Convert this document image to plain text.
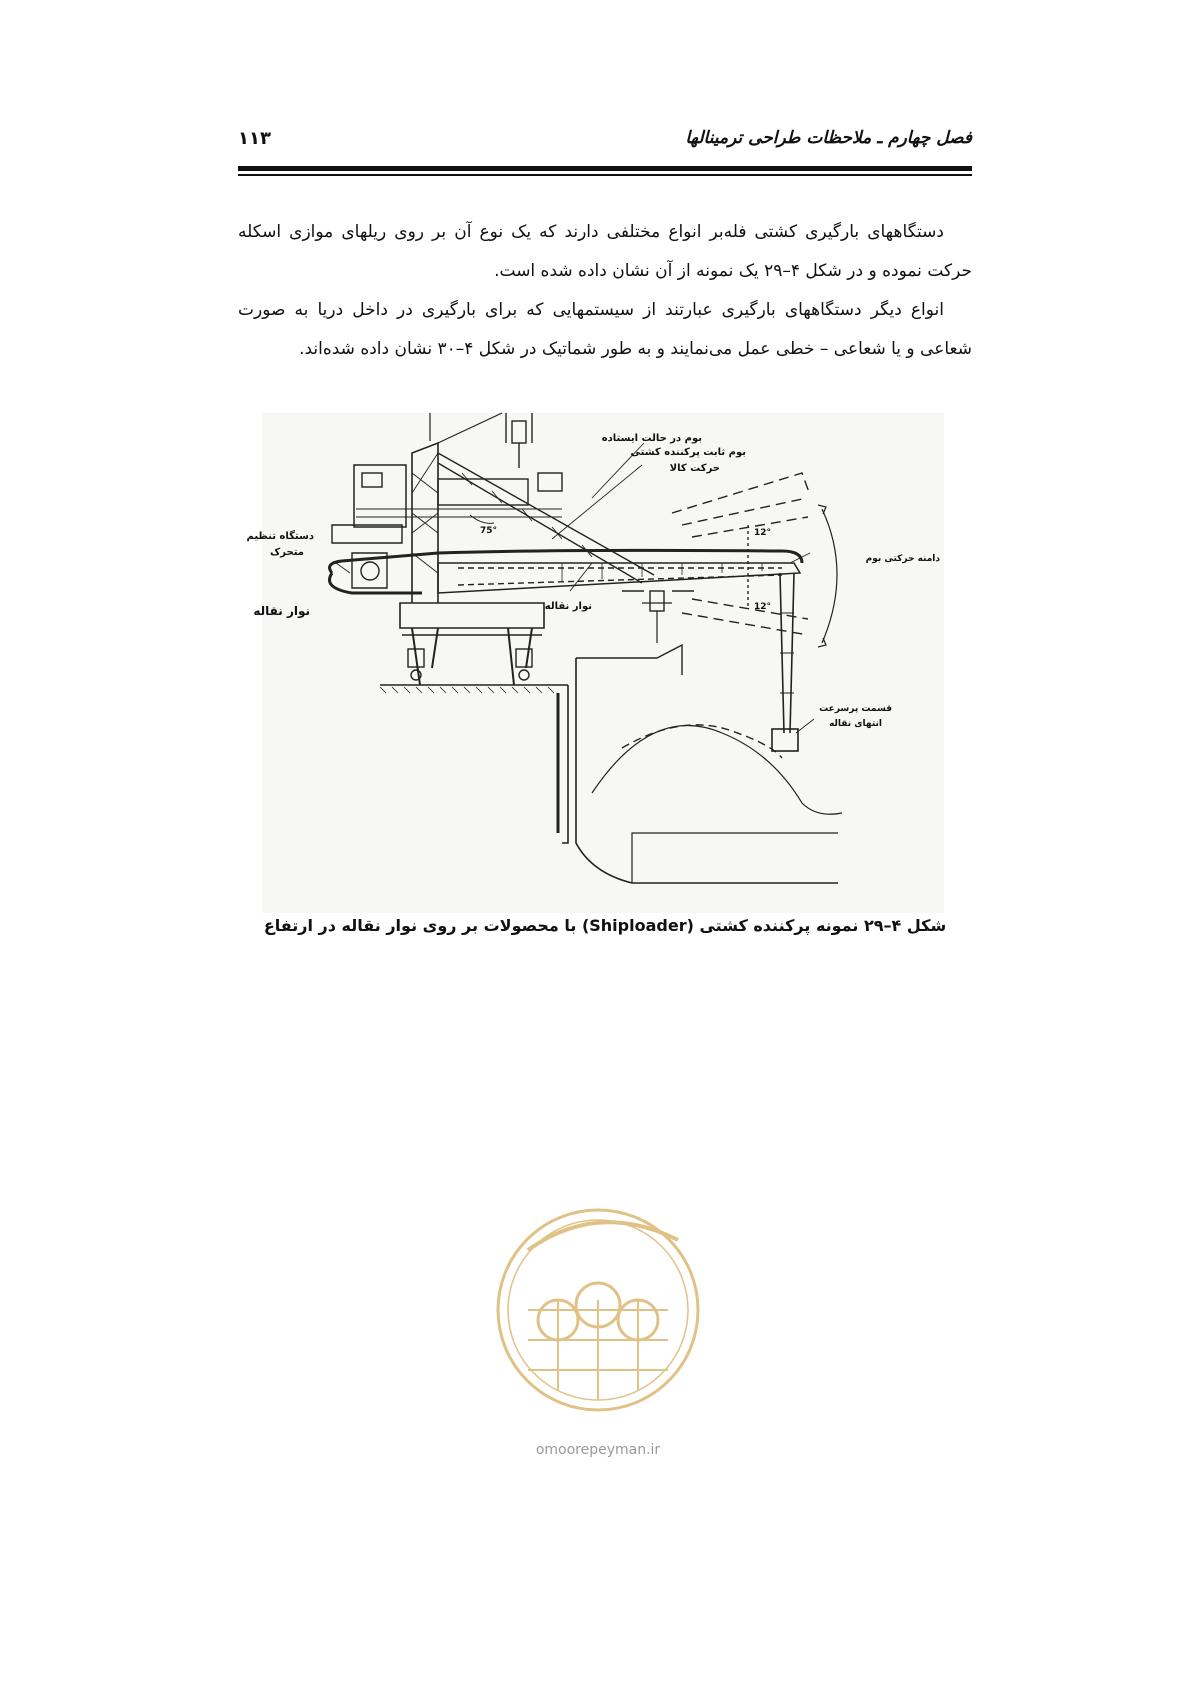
فصل چهارم ـ ملاحظات طراحی ترمینالها
۱۱۳

دستگاههای بارگیری کشتی فله‌بر انواع مختلفی دارند که یک نوع آن بر روی ریلهای موازی اسکله حرکت نموده و در شکل ۴–۲۹ یک نمونه از آن نشان داده شده است.

انواع دیگر دستگاههای بارگیری عبارتند از سیستمهایی که برای بارگیری در داخل دریا به صورت شعاعی و یا شعاعی – خطی عمل می‌نمایند و به طور شماتیک در شکل ۴–۳۰ نشان داده شده‌اند.

بوم در حالت ایستاده
بوم ثابت پرکننده کشتی
حرکت کالا
دستگاه تنظیم
متحرک
نوار نقاله	نوار نقاله
دامنه حرکتی بوم
قسمت پرسرعت
انتهای نقاله
75°	12°
12°
شکل ۴–۲۹ نمونه پرکننده کشتی (Shiploader) با محصولات بر روی نوار نقاله در ارتفاع
omoorepeyman.ir
